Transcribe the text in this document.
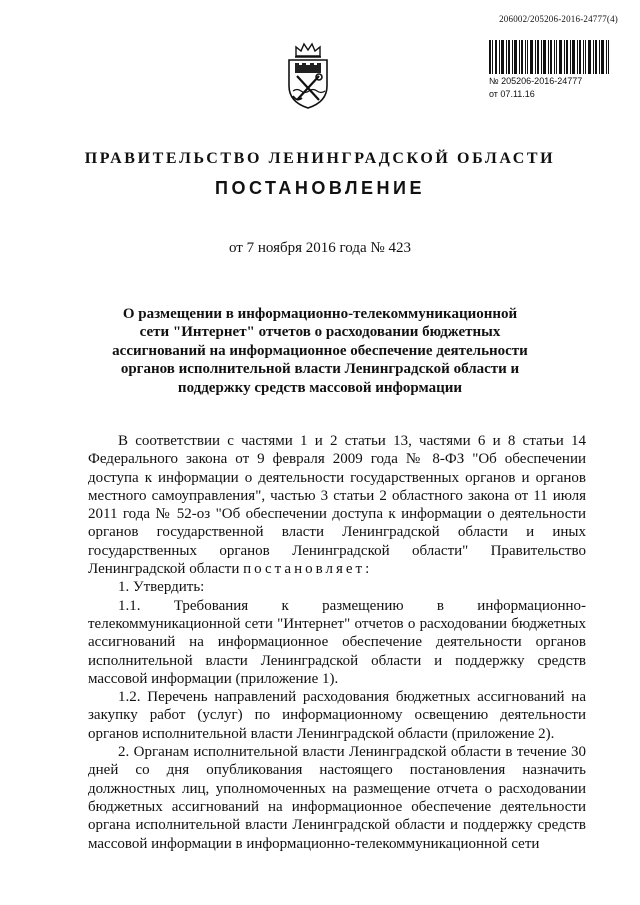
206002/205206-2016-24777(4)
№ 205206-2016-24777
от 07.11.16
ПРАВИТЕЛЬСТВО ЛЕНИНГРАДСКОЙ ОБЛАСТИ
ПОСТАНОВЛЕНИЕ
от 7 ноября 2016 года № 423
О размещении в информационно-телекоммуникационной сети "Интернет" отчетов о расходовании бюджетных ассигнований на информационное обеспечение деятельности органов исполнительной власти Ленинградской области и поддержку средств массовой информации

В соответствии с частями 1 и 2 статьи 13, частями 6 и 8 статьи 14 Федерального закона от 9 февраля 2009 года № 8-ФЗ "Об обеспечении доступа к информации о деятельности государственных органов и органов местного самоуправления", частью 3 статьи 2 областного закона от 11 июля 2011 года № 52-оз "Об обеспечении доступа к информации о деятельности органов государственной власти Ленинградской области и иных государственных органов Ленинградской области" Правительство Ленинградской области постановляет:

1. Утвердить:

1.1. Требования к размещению в информационно-телекоммуникационной сети "Интернет" отчетов о расходовании бюджетных ассигнований на информационное обеспечение деятельности органов исполнительной власти Ленинградской области и поддержку средств массовой информации (приложение 1).

1.2. Перечень направлений расходования бюджетных ассигнований на закупку работ (услуг) по информационному освещению деятельности органов исполнительной власти Ленинградской области (приложение 2).

2. Органам исполнительной власти Ленинградской области в течение 30 дней со дня опубликования настоящего постановления назначить должностных лиц, уполномоченных на размещение отчета о расходовании бюджетных ассигнований на информационное обеспечение деятельности органа исполнительной власти Ленинградской области и поддержку средств массовой информации в информационно-телекоммуникационной сети
